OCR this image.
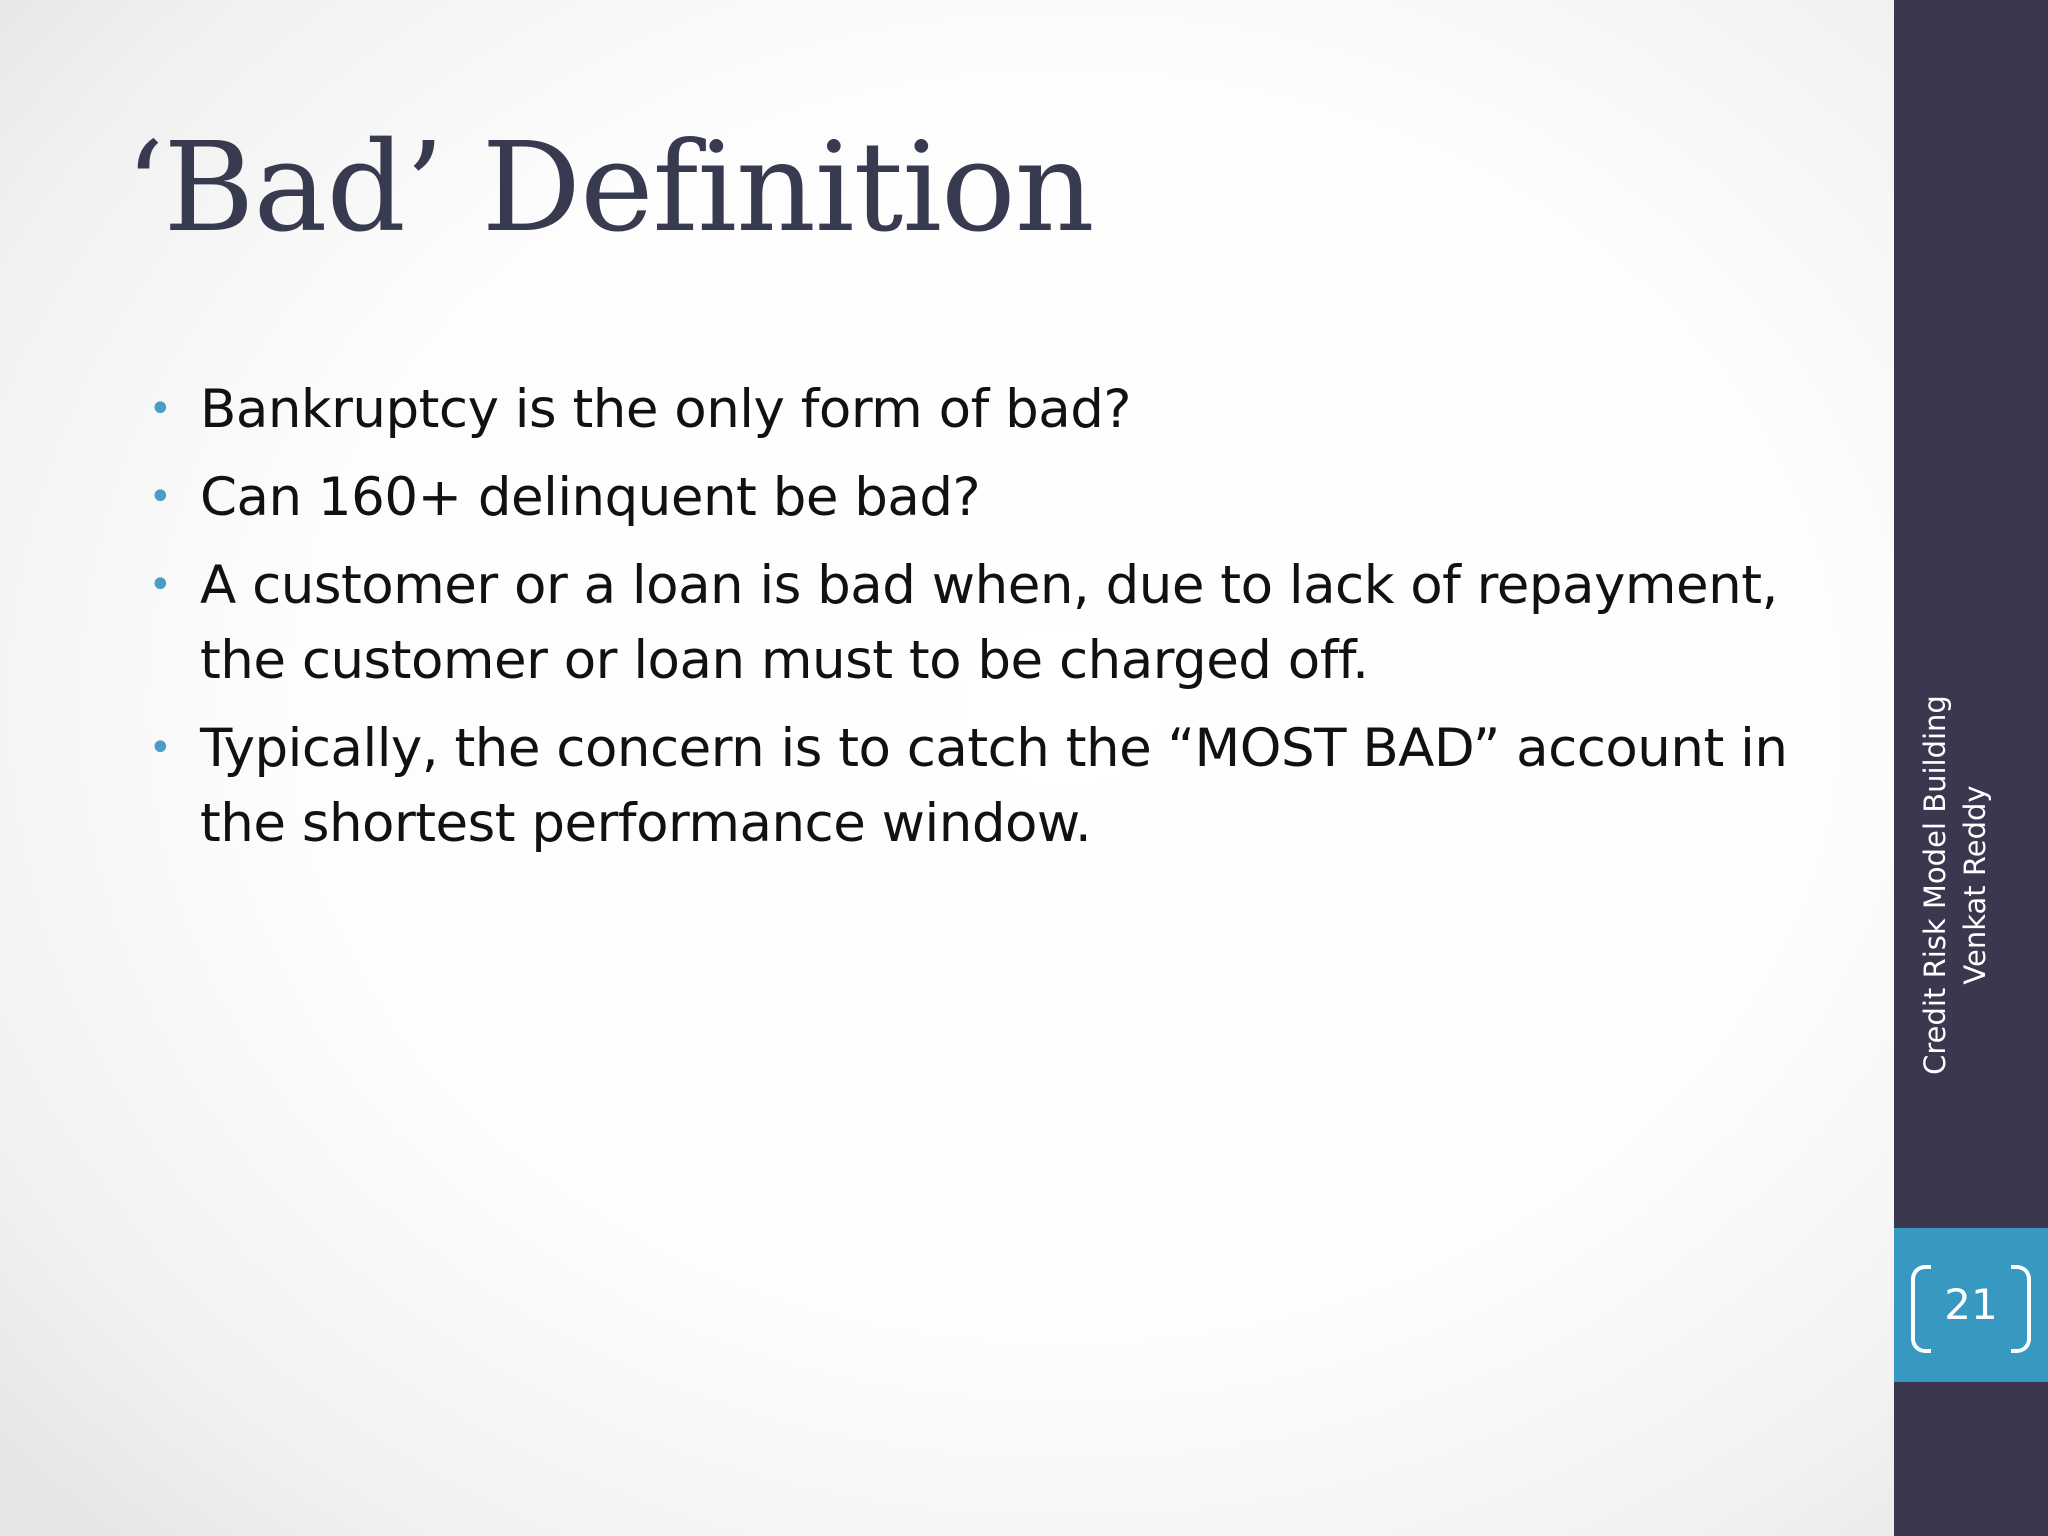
‘Bad’ Definition
• Bankruptcy is the only form of bad?
• Can 160+ delinquent be bad?
• A customer or a loan is bad when, due to lack of repayment, the customer or loan must to be charged off.
• Typically, the concern is to catch the “MOST BAD” account in the shortest performance window.	Credit Risk Model Building Venkat Reddy
21
